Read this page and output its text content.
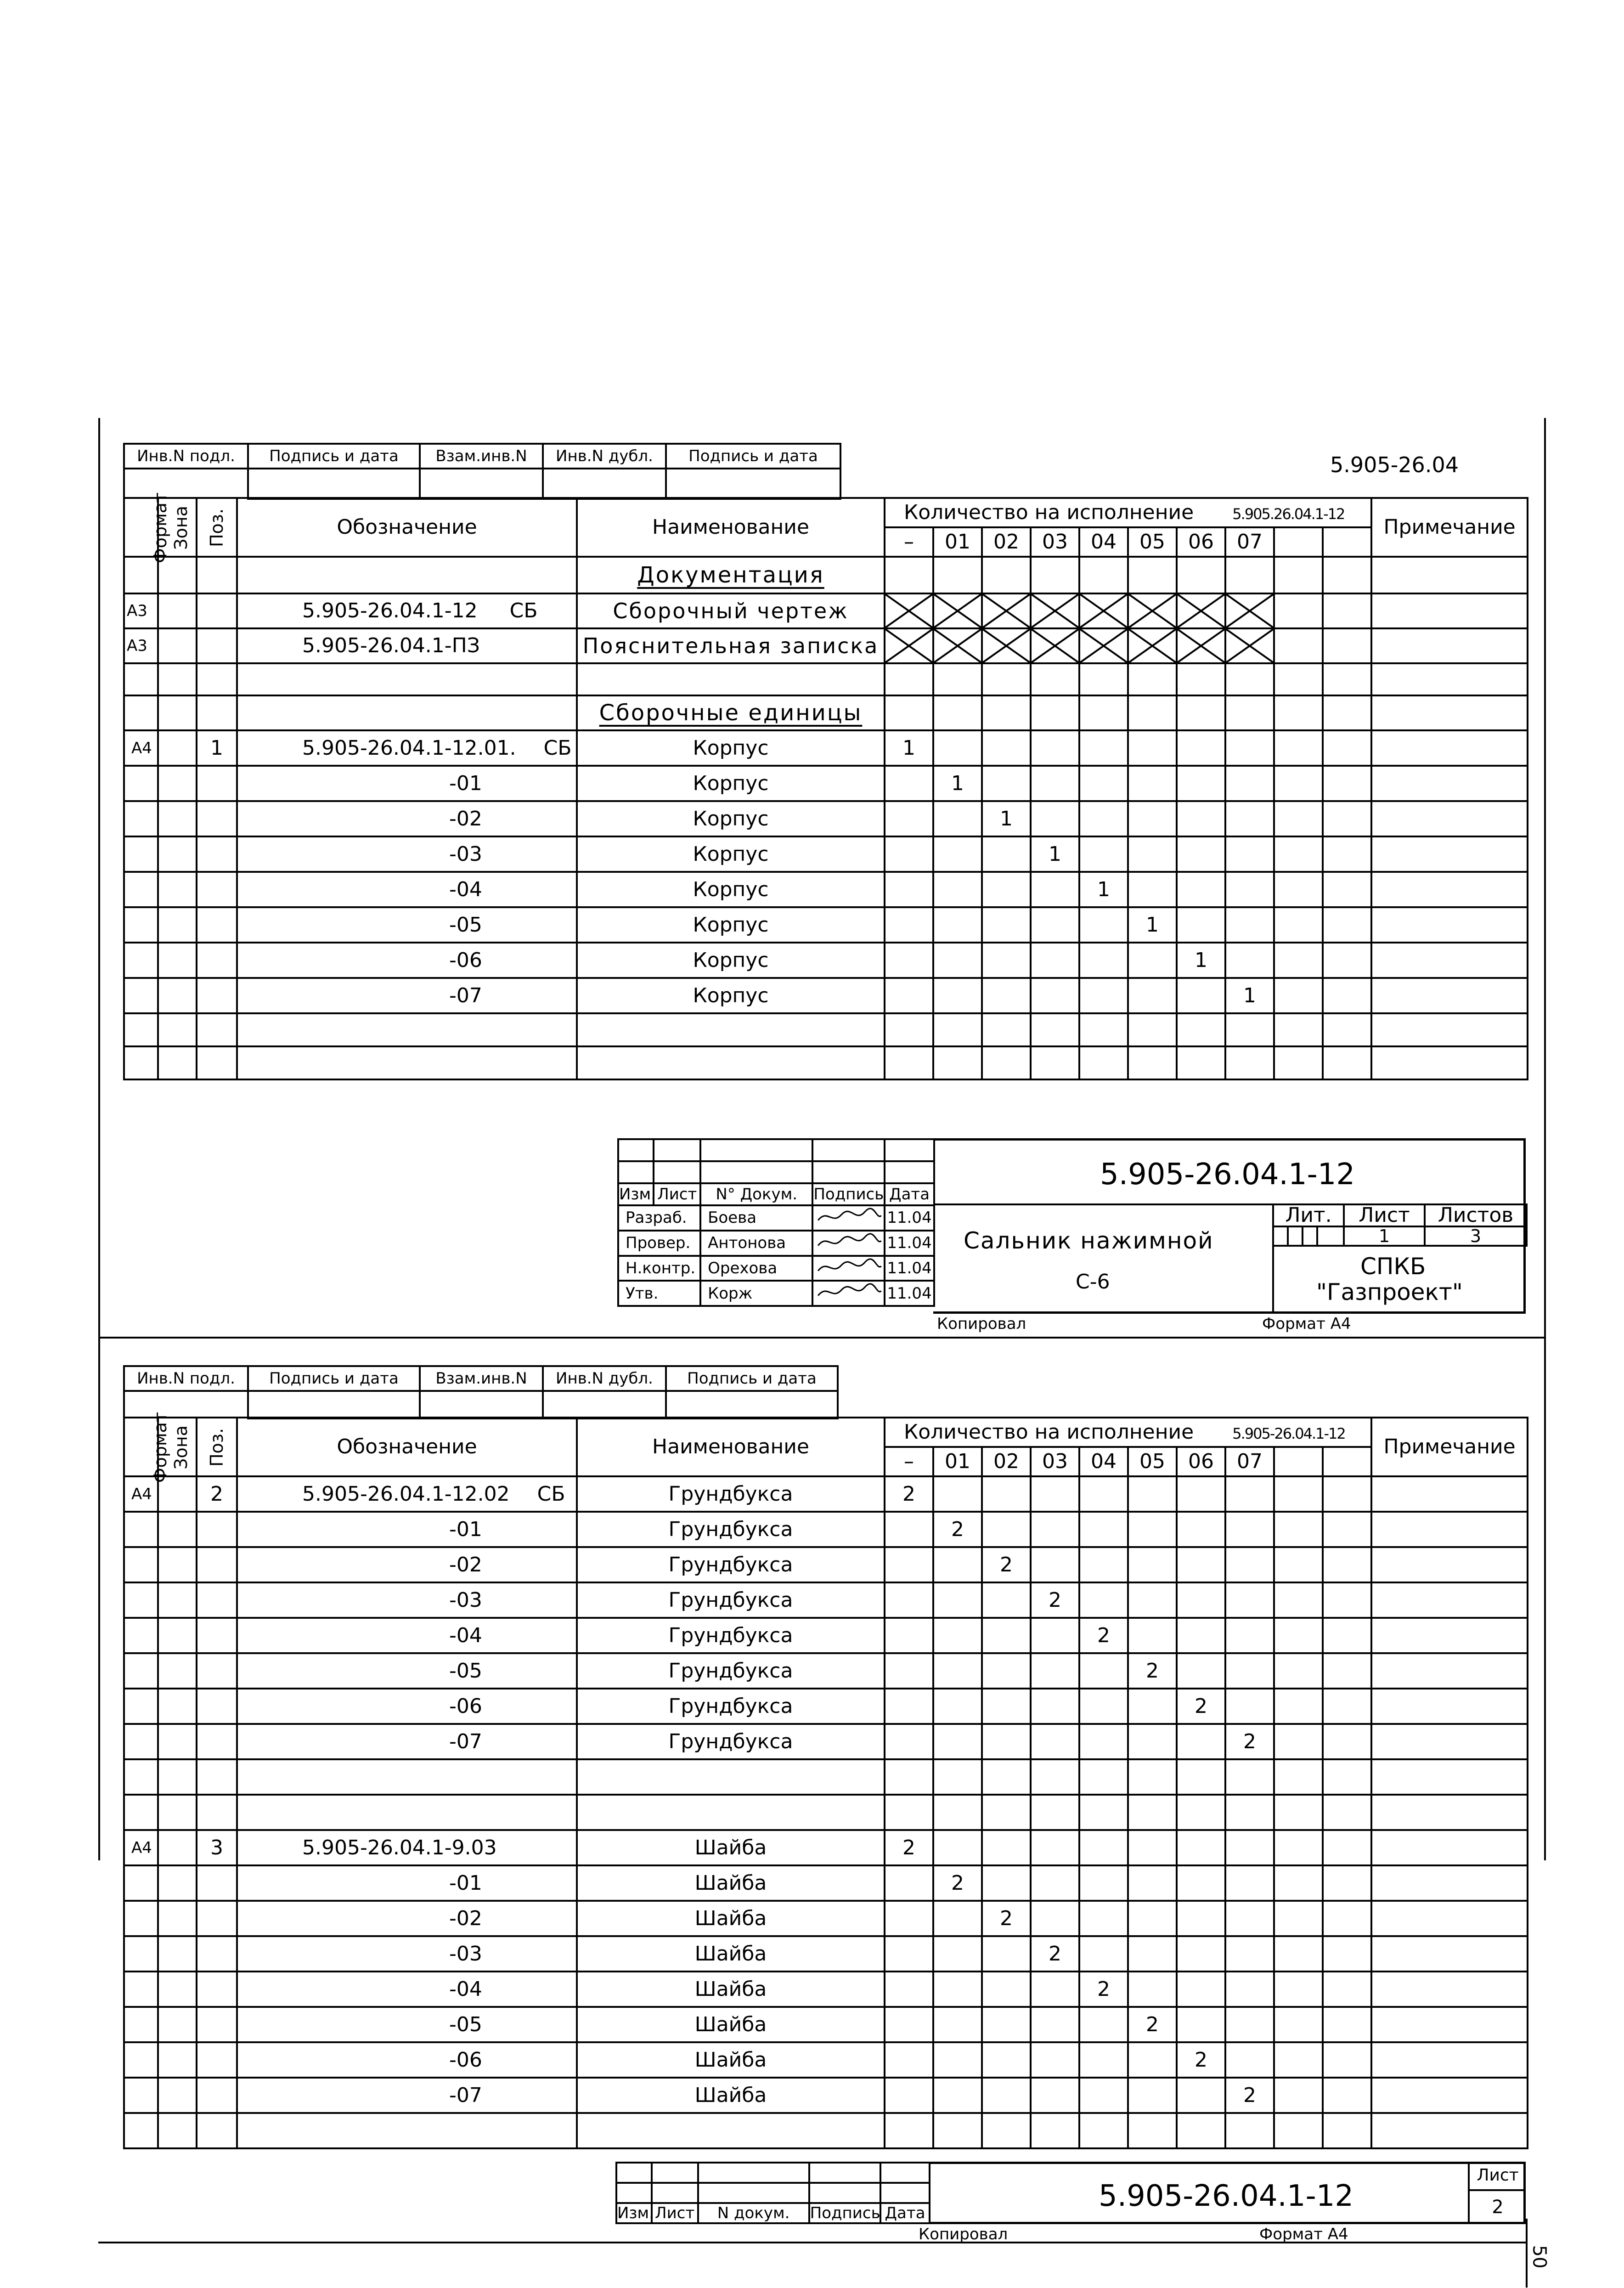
Инв.N подл.	Подпись и дата	Взам.инв.N	Инв.N дубл.	Подпись и дата
					5.905-26.04
Формат	Зона	Поз.	Обозначение	Наименование	Количество на исполнение 5.905.26.04.1-12										Примечание
					–	01	02	03	04	05	06	07			
				Документация											
А3			5.905-26.04.1-12 СБ	Сборочный чертеж	

А3			5.905-26.04.1-ПЗ	Пояснительная записка	

				Сборочные единицы											
А4		1	5.905-26.04.1-12.01. СБ	Корпус	1										
			-01	Корпус		1									
			-02	Корпус			1								
			-03	Корпус				1							
			-04	Корпус					1						
			-05	Корпус						1					
			-06	Корпус							1				
			-07	Корпус								1			

Изм.	Лист	N° Докум.	Подпись	Дата
Разраб.		Боева		11.04
Провер.		Антонова		11.04
Н.контр.		Орехова		11.04
Утв.		Корж		11.04
5.905-26.04.1-12
Сальник нажимной
С-6
Лит.				Лист	Листов
				1	3
СПКБ
"Газпроект"
Копировал	Формат А4
Инв.N подл.	Подпись и дата	Взам.инв.N	Инв.N дубл.	Подпись и дата

Формат	Зона	Поз.	Обозначение	Наименование	Количество на исполнение 5.905-26.04.1-12										Примечание
					–	01	02	03	04	05	06	07			
А4		2	5.905-26.04.1-12.02 СБ	Грундбукса	2										
			-01	Грундбукса		2									
			-02	Грундбукса			2								
			-03	Грундбукса				2							
			-04	Грундбукса					2						
			-05	Грундбукса						2					
			-06	Грундбукса							2				
			-07	Грундбукса								2			

А4		3	5.905-26.04.1-9.03	Шайба	2										
			-01	Шайба		2									
			-02	Шайба			2								
			-03	Шайба				2							
			-04	Шайба					2						
			-05	Шайба						2					
			-06	Шайба							2				
			-07	Шайба								2			

Изм.	Лист	N докум.	Подпись	Дата	5.905-26.04.1-12
Лист
2
Копировал	Формат А4
50
